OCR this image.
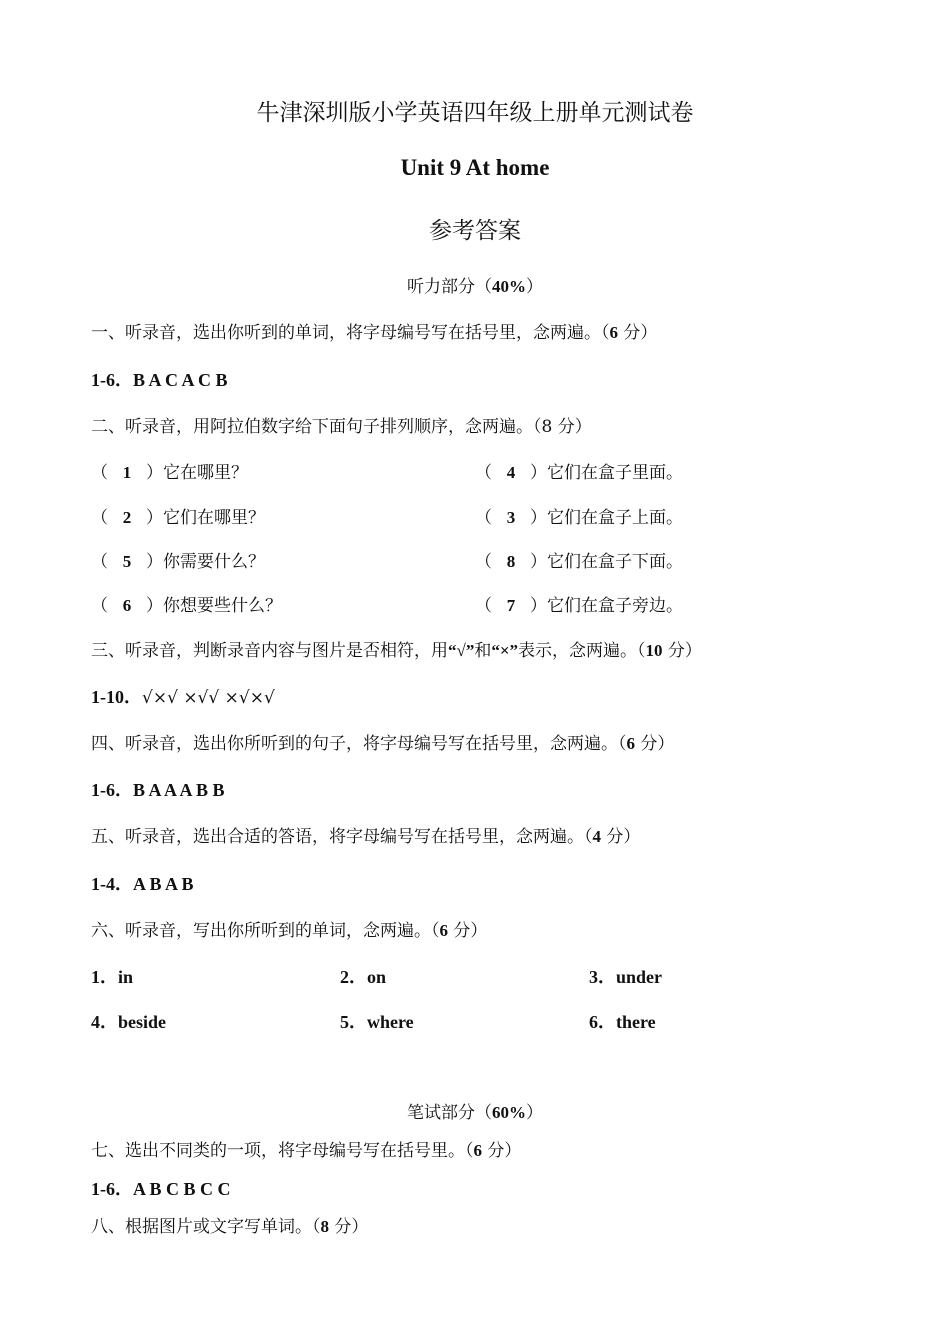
牛津深圳版小学英语四年级上册单元测试卷
Unit 9 At home
参考答案
听力部分（40%）
一、听录音，选出你听到的单词，将字母编号写在括号里，念两遍。（6 分）
1-6．B A C A C B
二、听录音，用阿拉伯数字给下面句子排列顺序，念两遍。（8 分）
（ 1 ）它在哪里？	（ 4 ）它们在盒子里面。
（ 2 ）它们在哪里？	（ 3 ）它们在盒子上面。
（ 5 ）你需要什么？	（ 8 ）它们在盒子下面。
（ 6 ）你想要些什么？	（ 7 ）它们在盒子旁边。
三、听录音，判断录音内容与图片是否相符，用“√”和“×”表示，念两遍。（10 分）
1-10．√×√ ×√√ ×√×√
四、听录音，选出你所听到的句子，将字母编号写在括号里，念两遍。（6 分）
1-6．B A A A B B
五、听录音，选出合适的答语，将字母编号写在括号里，念两遍。（4 分）
1-4．A B A B
六、听录音，写出你所听到的单词，念两遍。（6 分）
1．in	2．on	3．under
4．beside	5．where	6．there
笔试部分（60%）
七、选出不同类的一项，将字母编号写在括号里。（6 分）
1-6．A B C B C C
八、根据图片或文字写单词。（8 分）
